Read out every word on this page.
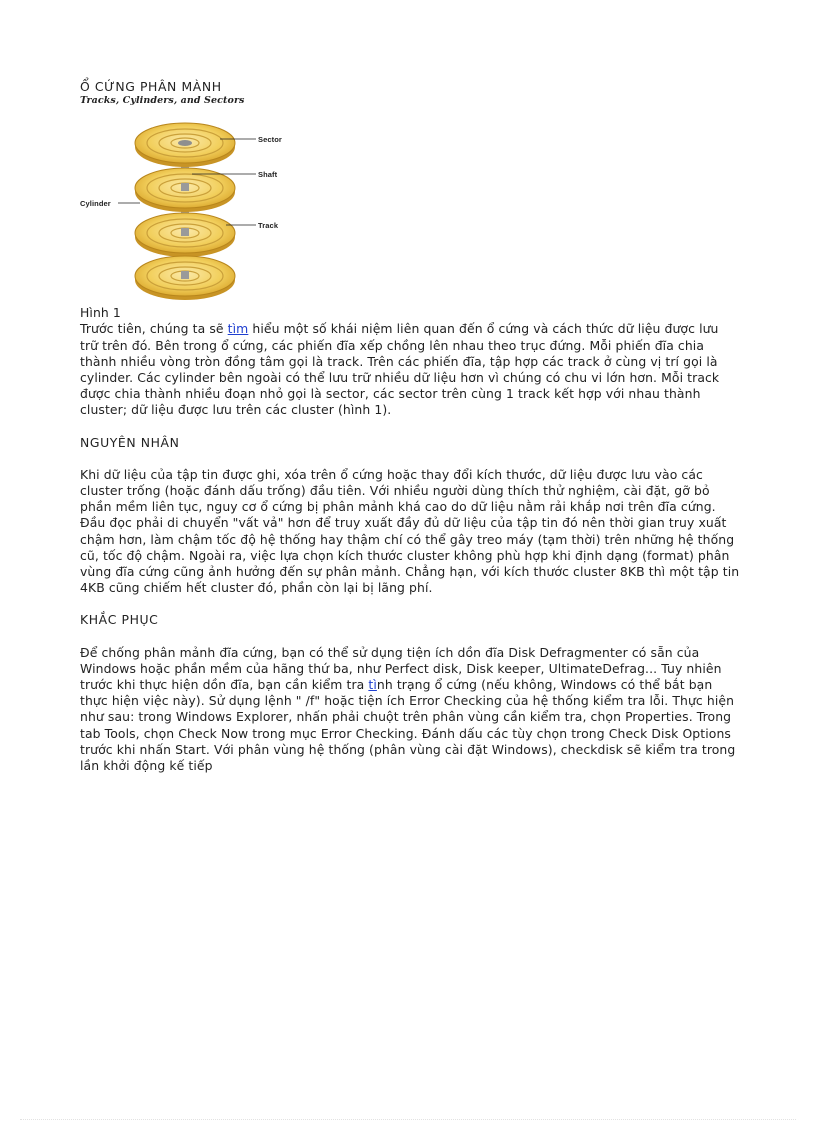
Ổ CỨNG PHÂN MÀNH

Tracks, Cylinders, and Sectors

Sector
Shaft
Track
Cylinder

Hình 1

Trước tiên, chúng ta sẽ tìm hiểu một số khái niệm liên quan đến ổ cứng và cách thức dữ liệu được lưu trữ trên đó. Bên trong ổ cứng, các phiến đĩa xếp chồng lên nhau theo trục đứng. Mỗi phiến đĩa chia thành nhiều vòng tròn đồng tâm gọi là track. Trên các phiến đĩa, tập hợp các track ở cùng vị trí gọi là cylinder. Các cylinder bên ngoài có thể lưu trữ nhiều dữ liệu hơn vì chúng có chu vi lớn hơn. Mỗi track được chia thành nhiều đoạn nhỏ gọi là sector, các sector trên cùng 1 track kết hợp với nhau thành cluster; dữ liệu được lưu trên các cluster (hình 1).

NGUYÊN NHÂN

Khi dữ liệu của tập tin được ghi, xóa trên ổ cứng hoặc thay đổi kích thước, dữ liệu được lưu vào các cluster trống (hoặc đánh dấu trống) đầu tiên. Với nhiều người dùng thích thử nghiệm, cài đặt, gỡ bỏ phần mềm liên tục, nguy cơ ổ cứng bị phân mảnh khá cao do dữ liệu nằm rải khắp nơi trên đĩa cứng. Đầu đọc phải di chuyển "vất vả" hơn để truy xuất đầy đủ dữ liệu của tập tin đó nên thời gian truy xuất chậm hơn, làm chậm tốc độ hệ thống hay thậm chí có thể gây treo máy (tạm thời) trên những hệ thống cũ, tốc độ chậm. Ngoài ra, việc lựa chọn kích thước cluster không phù hợp khi định dạng (format) phân vùng đĩa cứng cũng ảnh hưởng đến sự phân mảnh. Chẳng hạn, với kích thước cluster 8KB thì một tập tin 4KB cũng chiếm hết cluster đó, phần còn lại bị lãng phí.

KHẮC PHỤC

Để chống phân mảnh đĩa cứng, bạn có thể sử dụng tiện ích dồn đĩa Disk Defragmenter có sẵn của Windows hoặc phần mềm của hãng thứ ba, như Perfect disk, Disk keeper, UltimateDefrag... Tuy nhiên trước khi thực hiện dồn đĩa, bạn cần kiểm tra tình trạng ổ cứng (nếu không, Windows có thể bắt bạn thực hiện việc này). Sử dụng lệnh " /f" hoặc tiện ích Error Checking của hệ thống kiểm tra lỗi. Thực hiện như sau: trong Windows Explorer, nhấn phải chuột trên phân vùng cần kiểm tra, chọn Properties. Trong tab Tools, chọn Check Now trong mục Error Checking. Đánh dấu các tùy chọn trong Check Disk Options trước khi nhấn Start. Với phân vùng hệ thống (phân vùng cài đặt Windows), checkdisk sẽ kiểm tra trong lần khởi động kế tiếp
